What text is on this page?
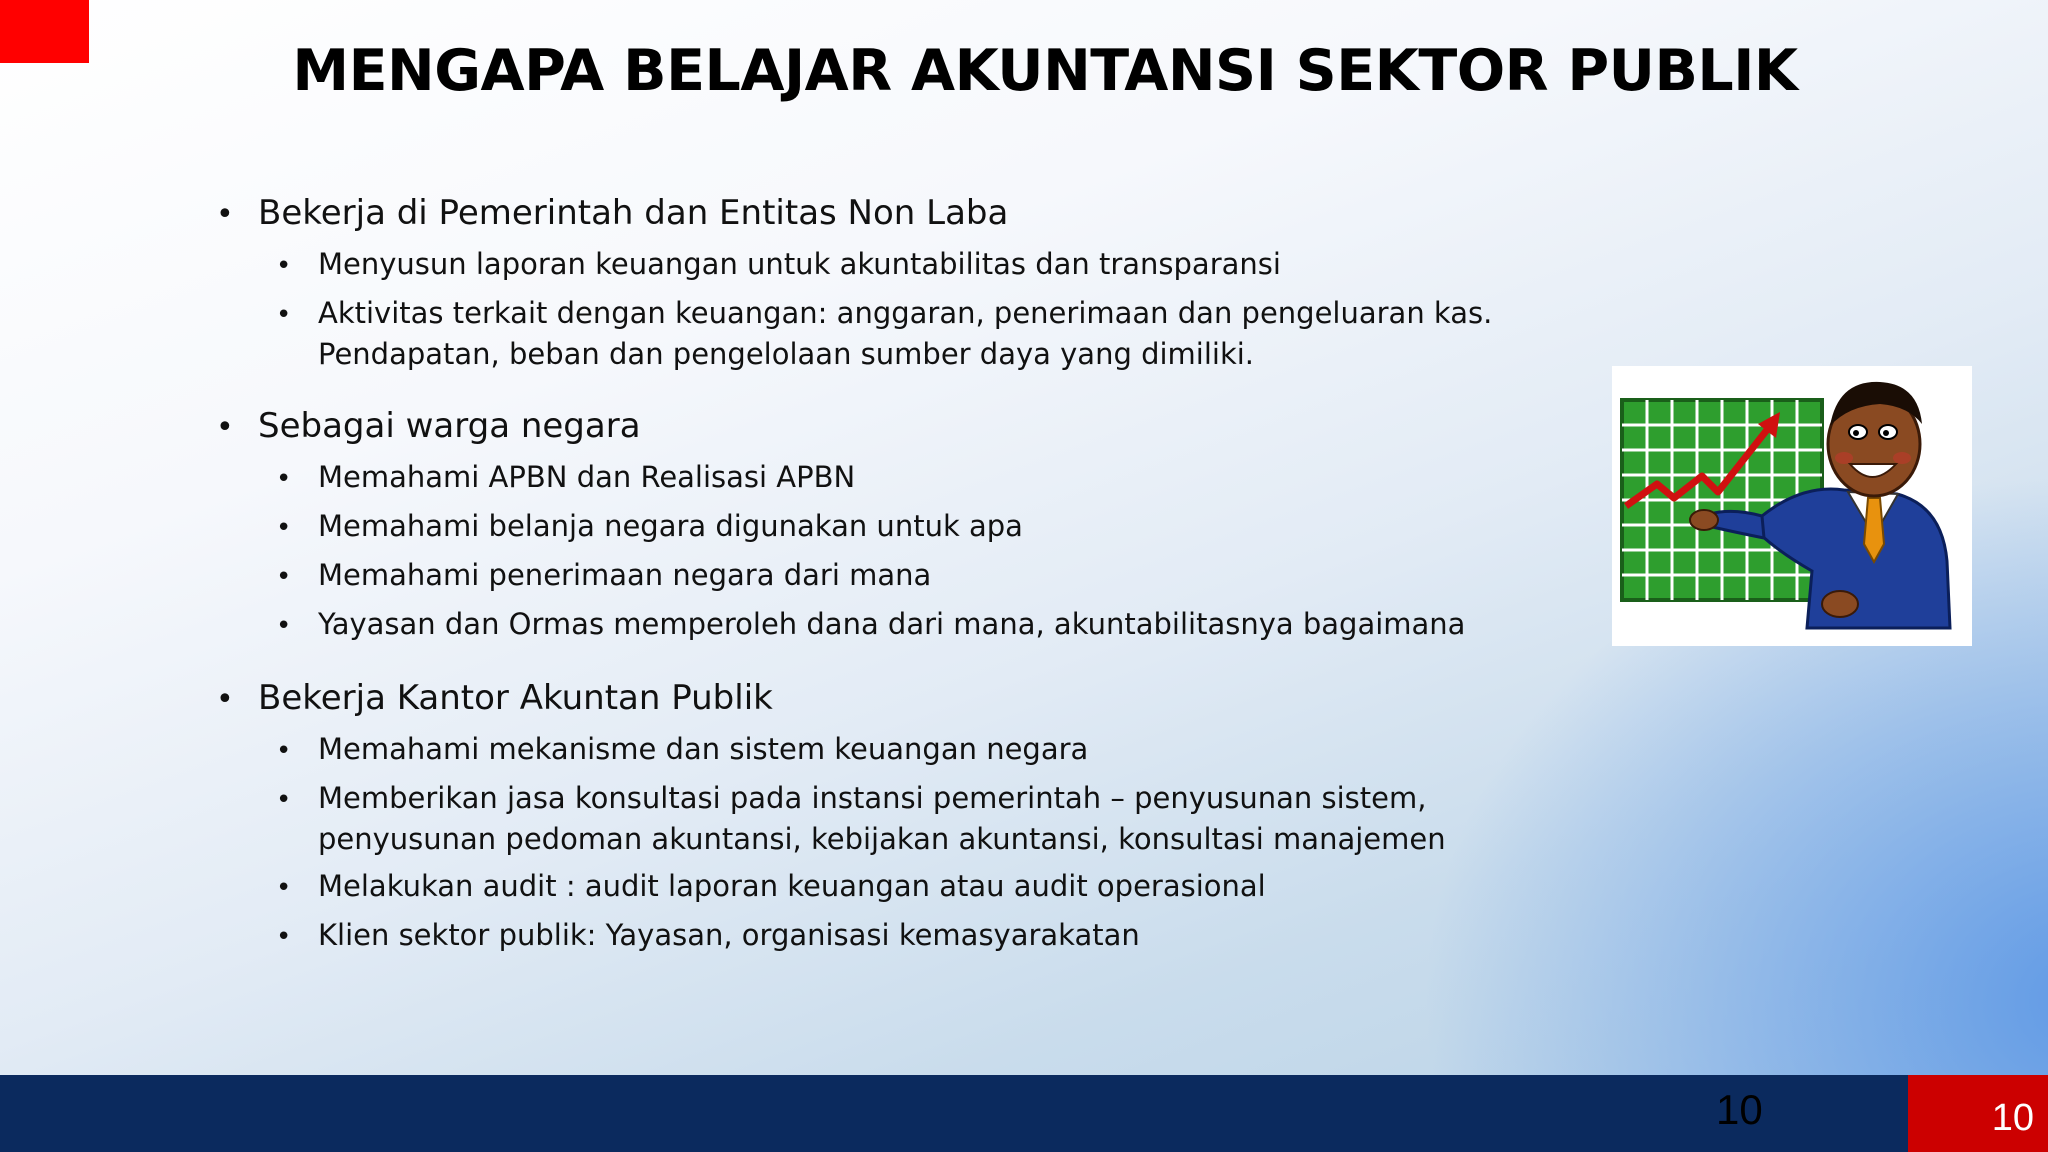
MENGAPA BELAJAR AKUNTANSI SEKTOR PUBLIK
• Bekerja di Pemerintah dan Entitas Non Laba
• Menyusun laporan keuangan untuk akuntabilitas dan transparansi
• Aktivitas terkait dengan keuangan: anggaran, penerimaan dan pengeluaran kas. Pendapatan, beban dan pengelolaan sumber daya yang dimiliki.
• Sebagai warga negara
• Memahami APBN dan Realisasi APBN
• Memahami belanja negara digunakan untuk apa
• Memahami penerimaan negara dari mana
• Yayasan dan Ormas memperoleh dana dari mana, akuntabilitasnya bagaimana
• Bekerja Kantor Akuntan Publik
• Memahami mekanisme dan sistem keuangan negara
• Memberikan jasa konsultasi pada instansi pemerintah – penyusunan sistem, penyusunan pedoman akuntansi, kebijakan akuntansi, konsultasi manajemen
• Melakukan audit : audit laporan keuangan atau audit operasional
• Klien sektor publik: Yayasan, organisasi kemasyarakatan
10	10
